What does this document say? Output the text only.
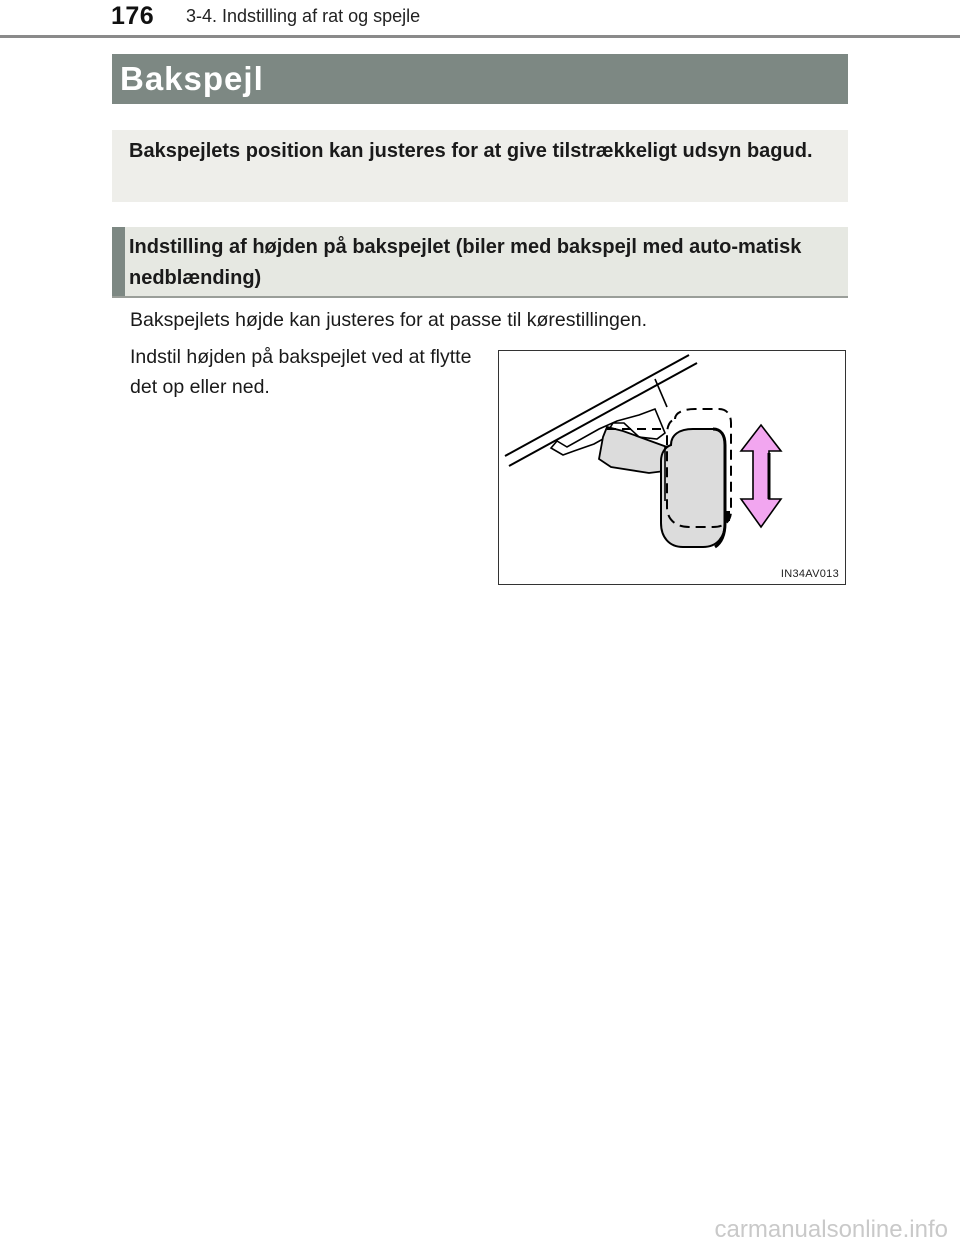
176 3-4. Indstilling af rat og spejle
Bakspejl
Bakspejlets position kan justeres for at give tilstrækkeligt udsyn bagud.
Indstilling af højden på bakspejlet (biler med bakspejl med auto-matisk nedblænding)
Bakspejlets højde kan justeres for at passe til kørestillingen.
Indstil højden på bakspejlet ved at flytte det op eller ned.
IN34AV013
carmanualsonline.info
